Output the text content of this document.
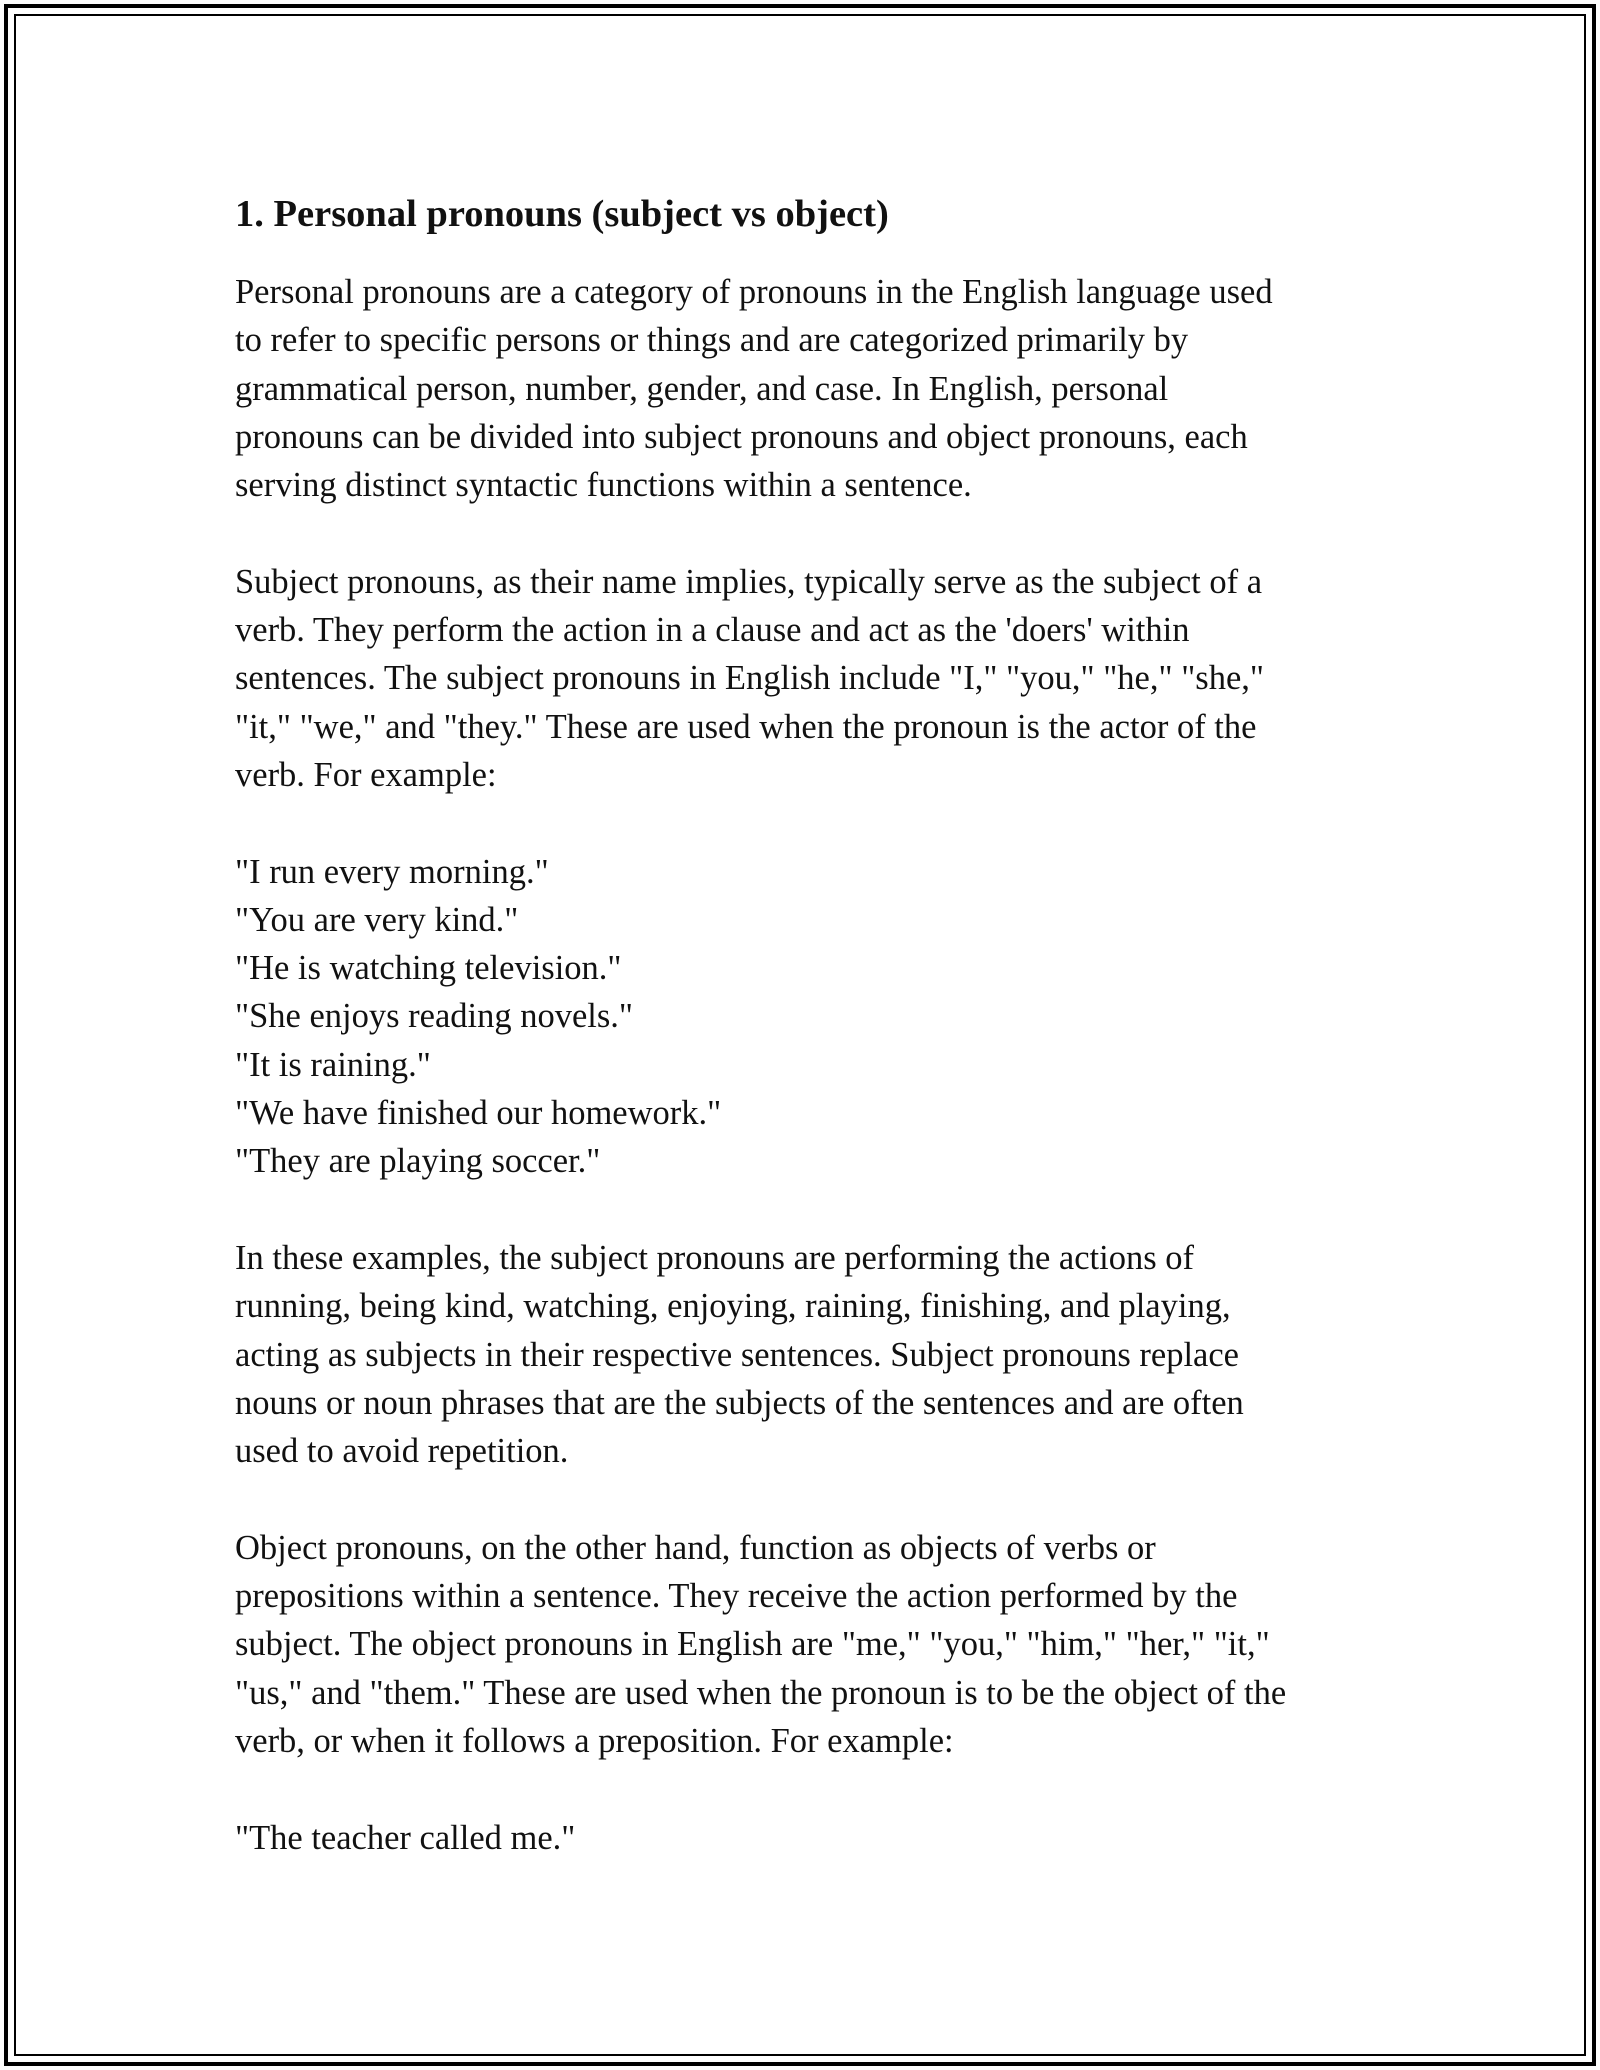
1. Personal pronouns (subject vs object)

Personal pronouns are a category of pronouns in the English language used
to refer to specific persons or things and are categorized primarily by
grammatical person, number, gender, and case. In English, personal
pronouns can be divided into subject pronouns and object pronouns, each
serving distinct syntactic functions within a sentence.

Subject pronouns, as their name implies, typically serve as the subject of a
verb. They perform the action in a clause and act as the 'doers' within
sentences. The subject pronouns in English include "I," "you," "he," "she,"
"it," "we," and "they." These are used when the pronoun is the actor of the
verb. For example:

"I run every morning."
"You are very kind."
"He is watching television."
"She enjoys reading novels."
"It is raining."
"We have finished our homework."
"They are playing soccer."

In these examples, the subject pronouns are performing the actions of
running, being kind, watching, enjoying, raining, finishing, and playing,
acting as subjects in their respective sentences. Subject pronouns replace
nouns or noun phrases that are the subjects of the sentences and are often
used to avoid repetition.

Object pronouns, on the other hand, function as objects of verbs or
prepositions within a sentence. They receive the action performed by the
subject. The object pronouns in English are "me," "you," "him," "her," "it,"
"us," and "them." These are used when the pronoun is to be the object of the
verb, or when it follows a preposition. For example:

"The teacher called me."
